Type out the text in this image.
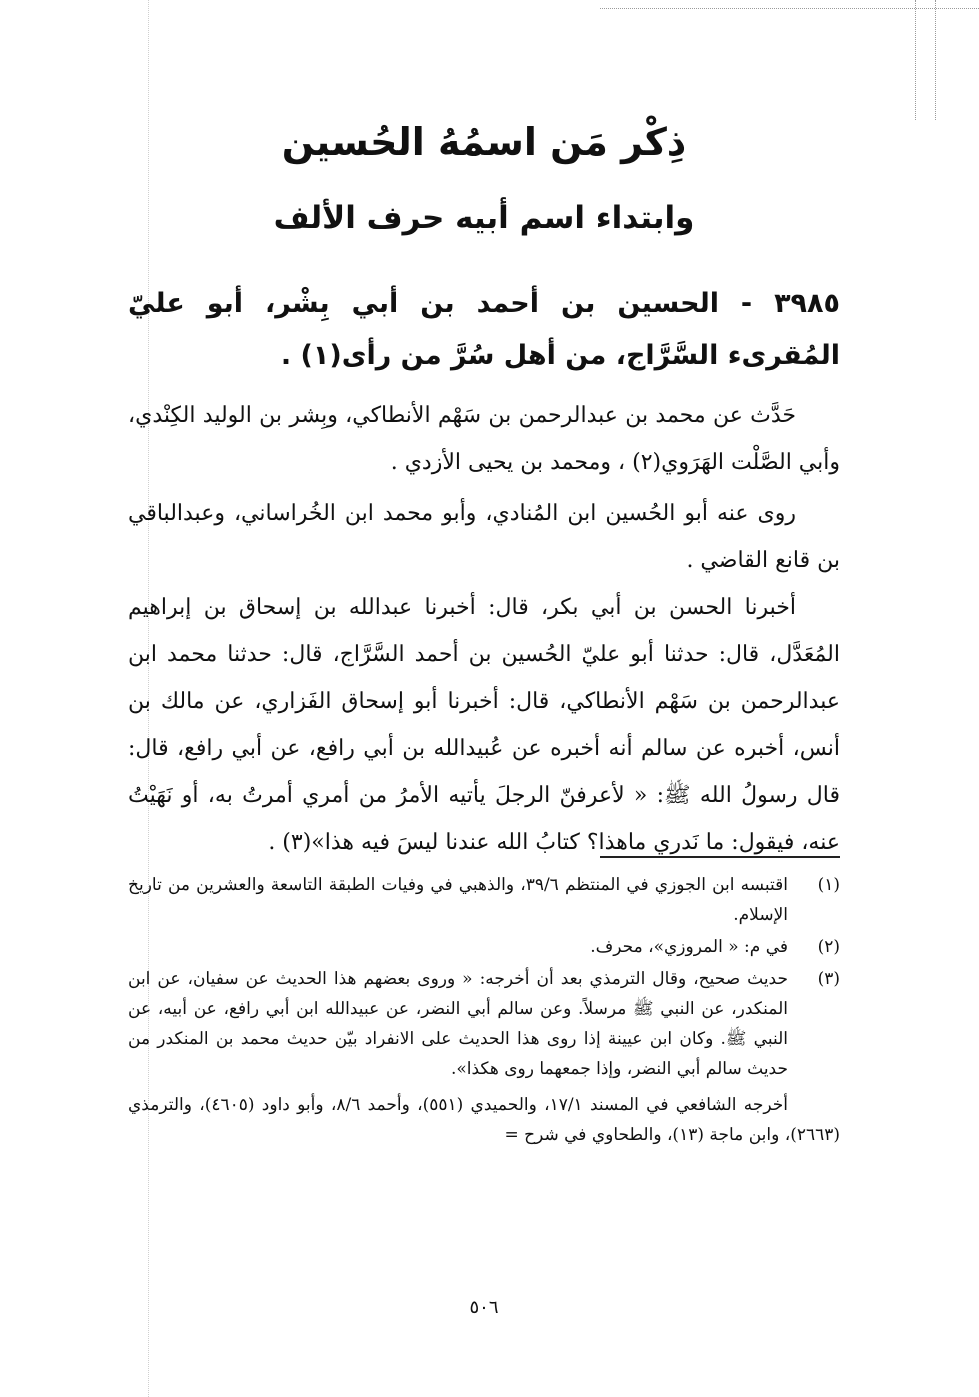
ذِكْر مَن اسمُهُ الحُسين
وابتداء اسم أبيه حرف الألف
٣٩٨٥ - الحسين بن أحمد بن أبي بِشْر، أبو عليّ المُقرىء السَّرَّاج، من أهل سُرَّ من رأى(١) .
حَدَّث عن محمد بن عبدالرحمن بن سَهْم الأنطاكي، وبِشر بن الوليد الكِنْدي، وأبي الصَّلْت الهَرَوي(٢) ، ومحمد بن يحيى الأزدي .
روى عنه أبو الحُسين ابن المُنادي، وأبو محمد ابن الخُراساني، وعبدالباقي بن قانع القاضي .
أخبرنا الحسن بن أبي بكر، قال: أخبرنا عبدالله بن إسحاق بن إبراهيم المُعَدَّل، قال: حدثنا أبو عليّ الحُسين بن أحمد السَّرَّاج، قال: حدثنا محمد ابن عبدالرحمن بن سَهْم الأنطاكي، قال: أخبرنا أبو إسحاق الفَزاري، عن مالك بن أنس، أخبره عن سالم أنه أخبره عن عُبيدالله بن أبي رافع، عن أبي رافع، قال: قال رسولُ الله ﷺ: « لأعرفنّ الرجلَ يأتيه الأمرُ من أمري أمرتُ به، أو نَهَيْتُ عنه، فيقول: ما نَدري ماهذا؟ كتابُ الله عندنا ليسَ فيه هذا»(٣) .
(١)
اقتبسه ابن الجوزي في المنتظم ٣٩/٦، والذهبي في وفيات الطبقة التاسعة والعشرين من تاريخ الإسلام.
(٢)
في م: « المروزي»، محرف.
(٣)
حديث صحيح، وقال الترمذي بعد أن أخرجه: « وروى بعضهم هذا الحديث عن سفيان، عن ابن المنكدر، عن النبي ﷺ مرسلاً. وعن سالم أبي النضر، عن عبيدالله ابن أبي رافع، عن أبيه، عن النبي ﷺ. وكان ابن عيينة إذا روى هذا الحديث على الانفراد بيّن حديث محمد بن المنكدر من حديث سالم أبي النضر، وإذا جمعهما روى هكذا».
أخرجه الشافعي في المسند ١٧/١، والحميدي (٥٥١)، وأحمد ٨/٦، وأبو داود (٤٦٠٥)، والترمذي (٢٦٦٣)، وابن ماجة (١٣)، والطحاوي في شرح =
٥٠٦
